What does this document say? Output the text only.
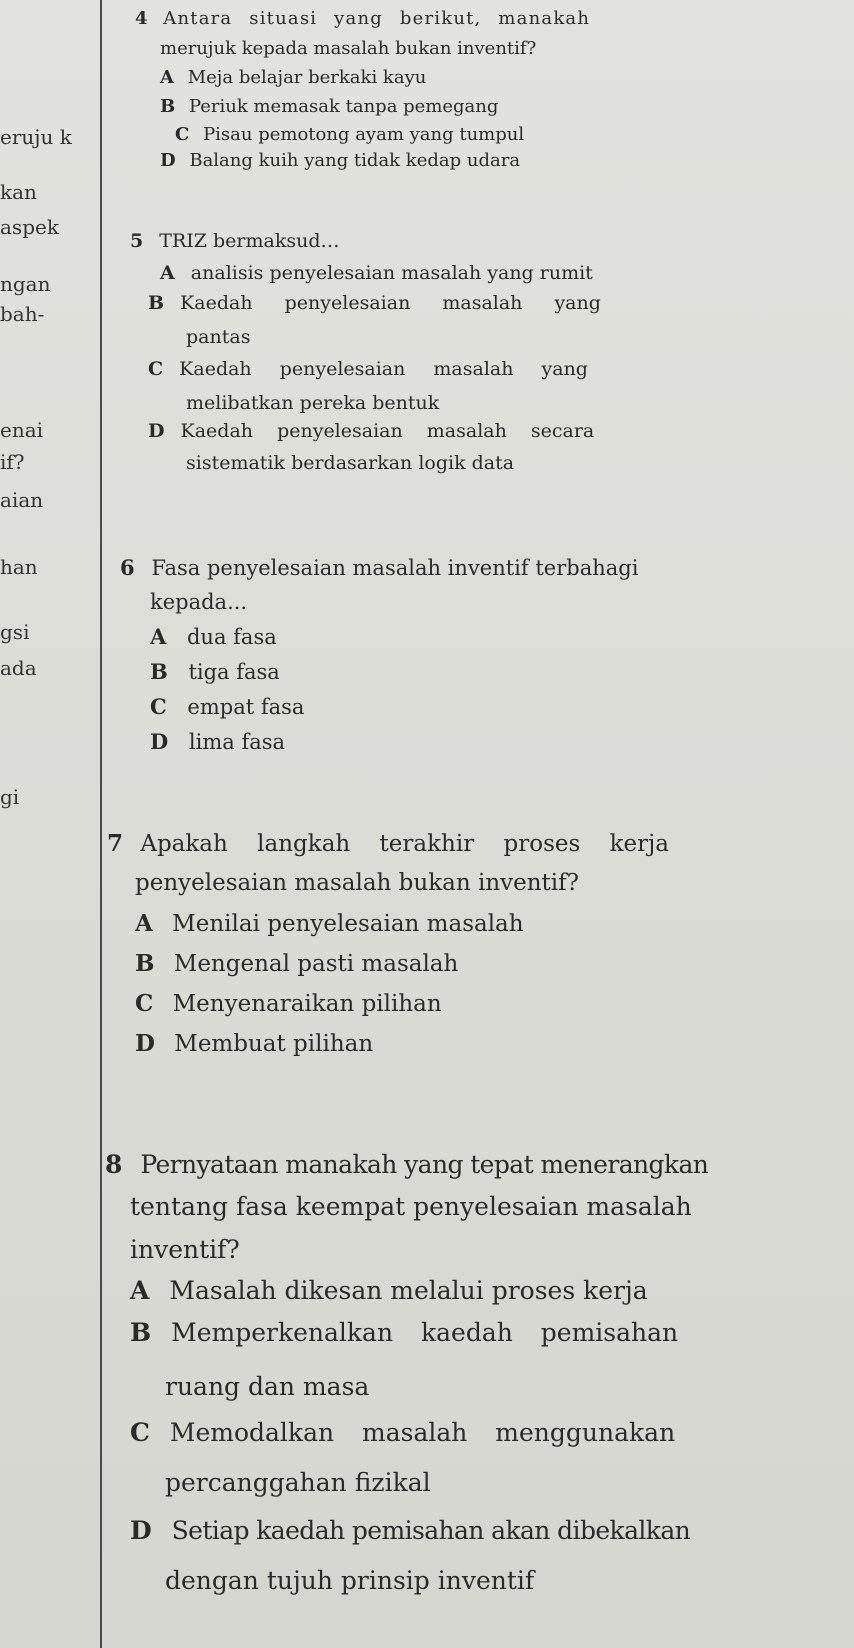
eruju k
kan
aspek
ngan
bah-
enai
if?
aian
han
gsi
ada
gi
4 Antara situasi yang berikut, manakah
merujuk kepada masalah bukan inventif?
A Meja belajar berkaki kayu
B Periuk memasak tanpa pemegang
C Pisau pemotong ayam yang tumpul
D Balang kuih yang tidak kedap udara
5 TRIZ bermaksud…
A analisis penyelesaian masalah yang rumit
B Kaedah penyelesaian masalah yang
pantas
C Kaedah penyelesaian masalah yang
melibatkan pereka bentuk
D Kaedah penyelesaian masalah secara
sistematik berdasarkan logik data
6 Fasa penyelesaian masalah inventif terbahagi
kepada...
A dua fasa
B tiga fasa
C empat fasa
D lima fasa
7 Apakah langkah terakhir proses kerja
penyelesaian masalah bukan inventif?
A Menilai penyelesaian masalah
B Mengenal pasti masalah
C Menyenaraikan pilihan
D Membuat pilihan
8 Pernyataan manakah yang tepat menerangkan
tentang fasa keempat penyelesaian masalah
inventif?
A Masalah dikesan melalui proses kerja
B Memperkenalkan kaedah pemisahan
ruang dan masa
C Memodalkan masalah menggunakan
percanggahan fizikal
D Setiap kaedah pemisahan akan dibekalkan
dengan tujuh prinsip inventif
